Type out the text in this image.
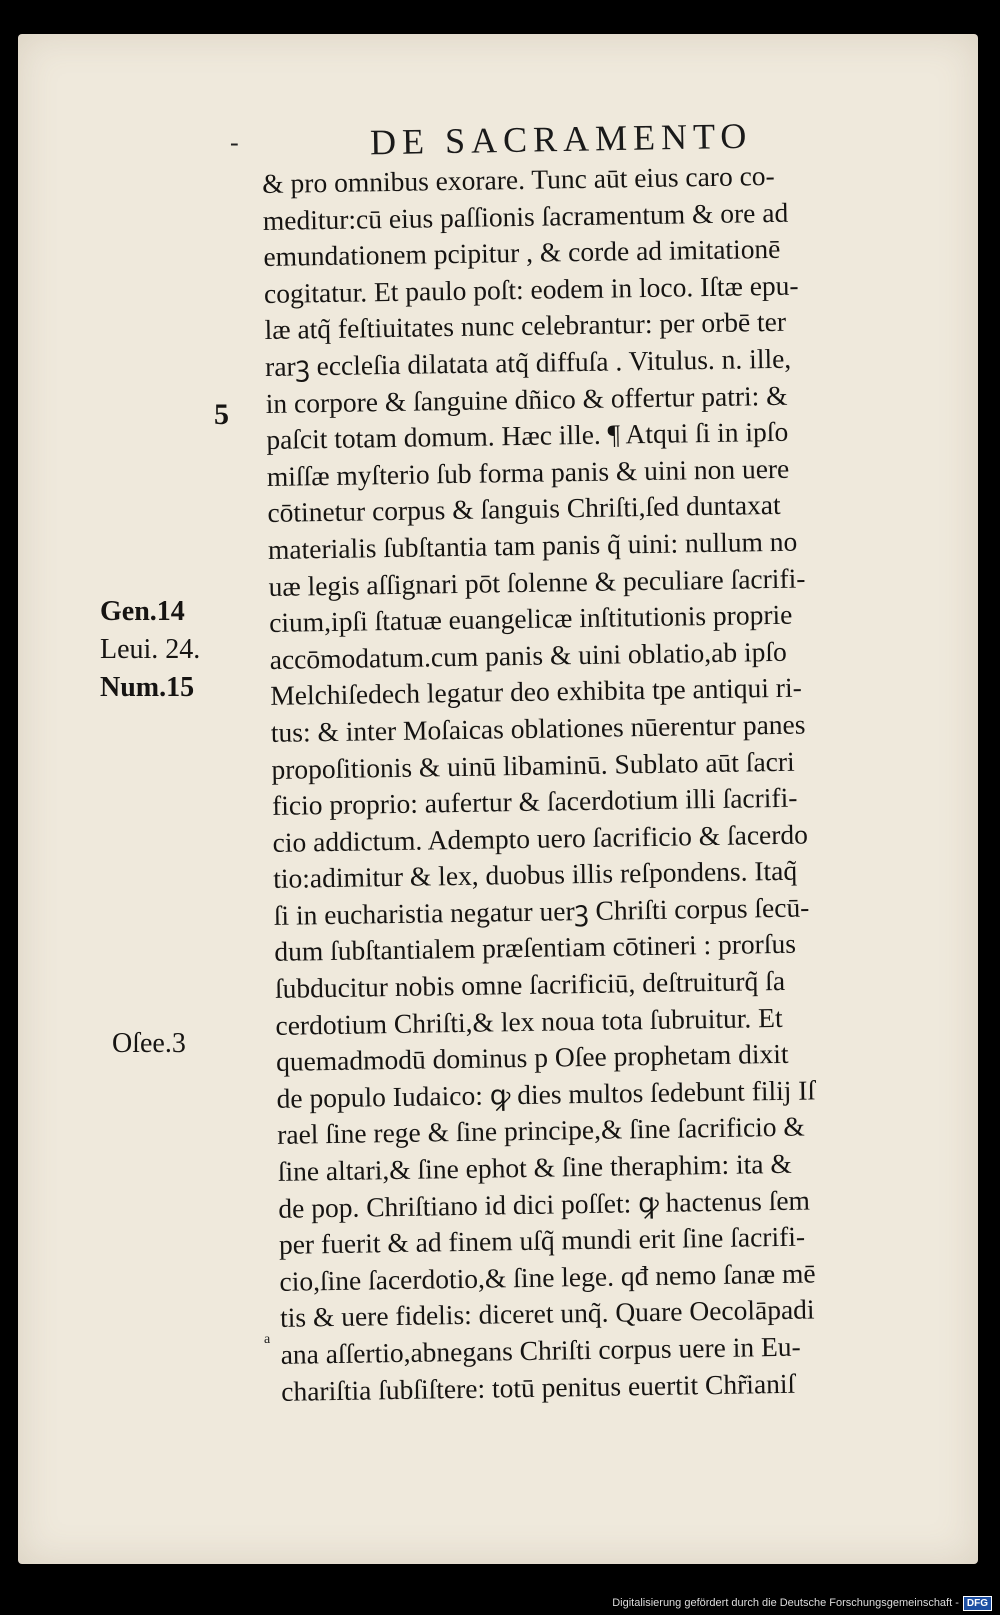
-	DE SACRAMENTO
& pro omnibus exorare. Tunc aūt eius caro co-
meditur:cū eius paſſionis ſacramentum & ore ad
emundationem pcipitur , & corde ad imitationē
cogitatur. Et paulo poſt: eodem in loco. Iſtæ epu-
læ atq̃ feſtiuitates nunc celebrantur: per orbē ter
rarꝫ eccleſia dilatata atq̃ diffuſa . Vitulus. n. ille,
in corpore & ſanguine dñico & offertur patri: &
paſcit totam domum. Hæc ille. ¶ Atqui ſi in ipſo
miſſæ myſterio ſub forma panis & uini non uere
cōtinetur corpus & ſanguis Chriſti,ſed duntaxat
materialis ſubſtantia tam panis q̃ uini: nullum no
uæ legis aſſignari pōt ſolenne & peculiare ſacrifi-
cium,ipſi ſtatuæ euangelicæ inſtitutionis proprie
accōmodatum.cum panis & uini oblatio,ab ipſo
Melchiſedech legatur deo exhibita tpe antiqui ri-
tus: & inter Moſaicas oblationes nūerentur panes
propoſitionis & uinū libaminū. Sublato aūt ſacri
ficio proprio: aufertur & ſacerdotium illi ſacrifi-
cio addictum. Adempto uero ſacrificio & ſacerdo
tio:adimitur & lex, duobus illis reſpondens. Itaq̃
ſi in eucharistia negatur uerꝫ Chriſti corpus ſecū-
dum ſubſtantialem præſentiam cōtineri : prorſus
ſubducitur nobis omne ſacrificiū, deſtruiturq̃ ſa
cerdotium Chriſti,& lex noua tota ſubruitur. Et
quemadmodū dominus p Oſee prophetam dixit
de populo Iudaico: ꝙ dies multos ſedebunt filij Iſ
rael ſine rege & ſine principe,& ſine ſacrificio &
ſine altari,& ſine ephot & ſine theraphim: ita &
de pop. Chriſtiano id dici poſſet: ꝙ hactenus ſem
per fuerit & ad finem uſq̃ mundi erit ſine ſacrifi-
cio,ſine ſacerdotio,& ſine lege. qđ nemo ſanæ mē
tis & uere fidelis: diceret unq̃. Quare Oecolāpadi
ana aſſertio,abnegans Chriſti corpus uere in Eu-
chariſtia ſubſiſtere: totū penitus euertit Chr̃ianiſ
5
Gen.14
Leui. 24.
Num.15
Oſee.3
a
Digitalisierung gefördert durch die Deutsche Forschungsgemeinschaft - DFG
